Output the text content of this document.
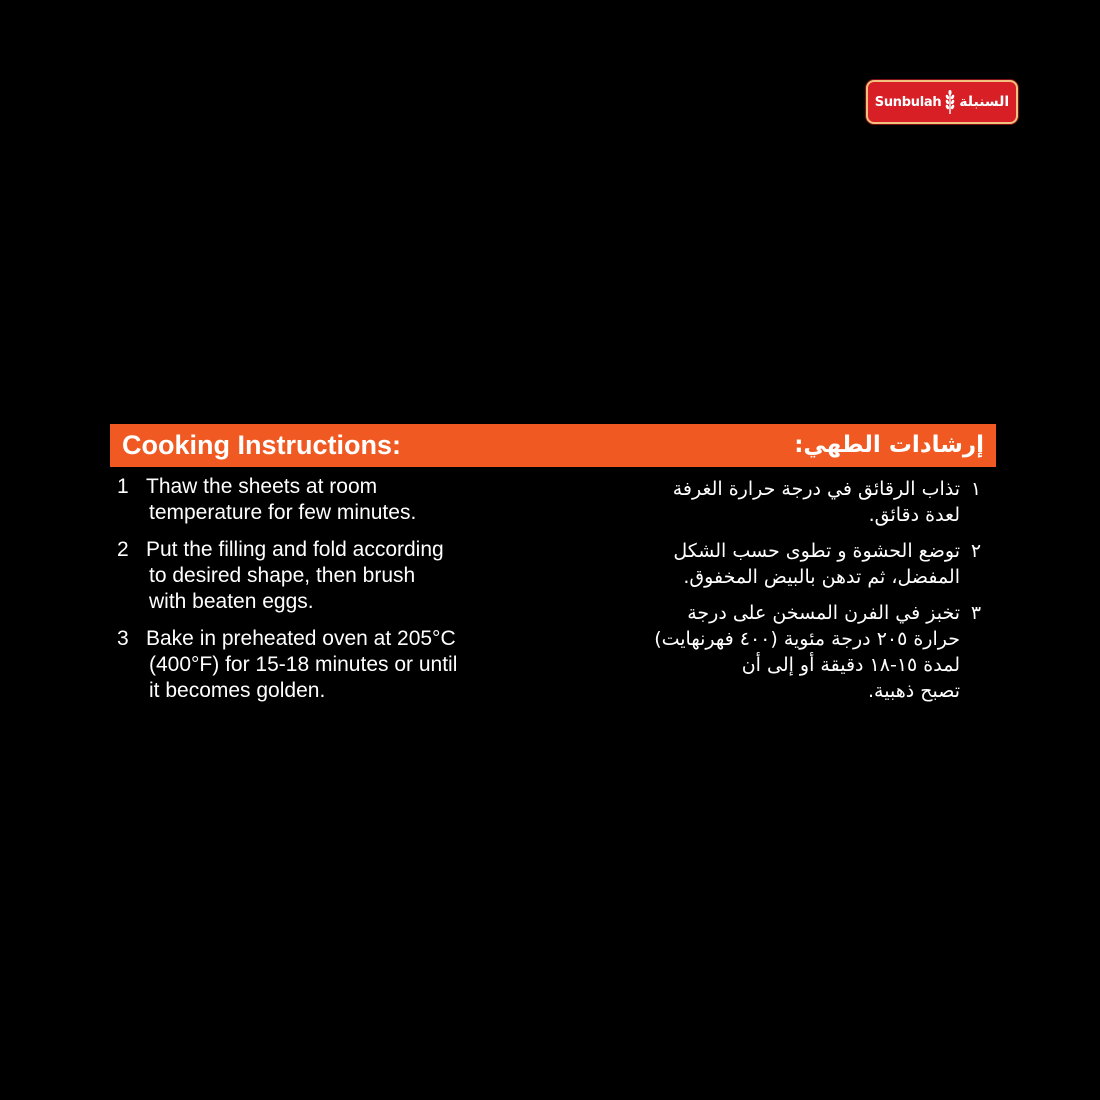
Sunbulah السنبلة
Cooking Instructions:	إرشادات الطهي:
1 Thaw the sheets at room
temperature for few minutes.
2 Put the filling and fold according
to desired shape, then brush
with beaten eggs.
3 Bake in preheated oven at 205°C
(400°F) for 15-18 minutes or until
it becomes golden.
١
تذاب الرقائق في درجة حرارة الغرفة
لعدة دقائق.
٢
توضع الحشوة و تطوى حسب الشكل
المفضل، ثم تدهن بالبيض المخفوق.
٣
تخبز في الفرن المسخن على درجة
حرارة ٢٠٥ درجة مئوية (٤٠٠ فهرنهايت)
لمدة ١٥-١٨ دقيقة أو إلى أن
تصبح ذهبية.
